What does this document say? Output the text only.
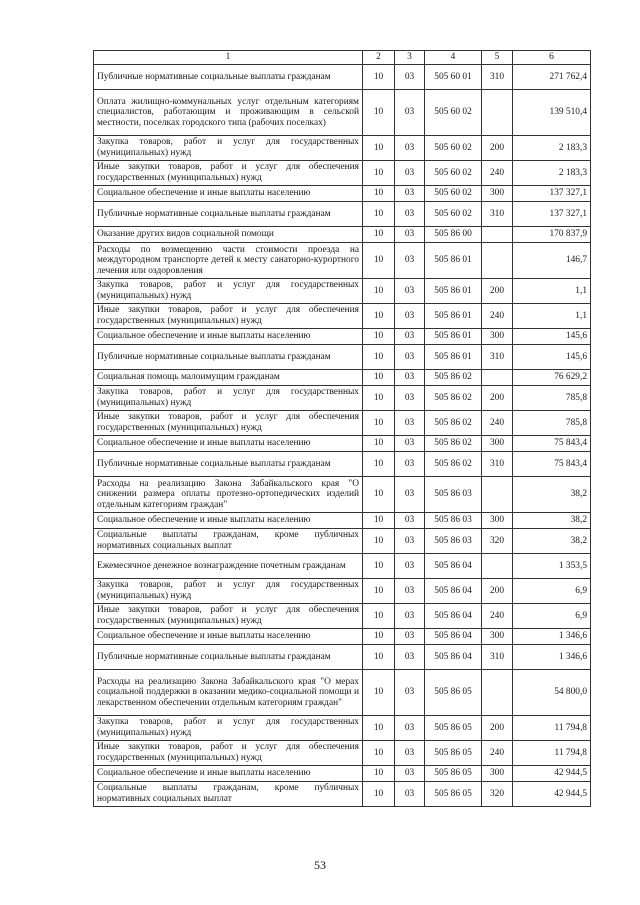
1	2	3	4	5	6
Публичные нормативные социальные выплаты гражданам	10	03	505 60 01	310	271 762,4
Оплата жилищно-коммунальных услуг отдельным категориям специалистов, работающим и проживающим в сельской местности, поселках городского типа (рабочих поселках)	10	03	505 60 02		139 510,4
Закупка товаров, работ и услуг для государственных (муниципальных) нужд	10	03	505 60 02	200	2 183,3
Иные закупки товаров, работ и услуг для обеспечения государственных (муниципальных) нужд	10	03	505 60 02	240	2 183,3
Социальное обеспечение и иные выплаты населению	10	03	505 60 02	300	137 327,1
Публичные нормативные социальные выплаты гражданам	10	03	505 60 02	310	137 327,1
Оказание других видов социальной помощи	10	03	505 86 00		170 837,9
Расходы по возмещению части стоимости проезда на междугородном транспорте детей к месту санаторно-курортного лечения или оздоровления	10	03	505 86 01		146,7
Закупка товаров, работ и услуг для государственных (муниципальных) нужд	10	03	505 86 01	200	1,1
Иные закупки товаров, работ и услуг для обеспечения государственных (муниципальных) нужд	10	03	505 86 01	240	1,1
Социальное обеспечение и иные выплаты населению	10	03	505 86 01	300	145,6
Публичные нормативные социальные выплаты гражданам	10	03	505 86 01	310	145,6
Социальная помощь малоимущим гражданам	10	03	505 86 02		76 629,2
Закупка товаров, работ и услуг для государственных (муниципальных) нужд	10	03	505 86 02	200	785,8
Иные закупки товаров, работ и услуг для обеспечения государственных (муниципальных) нужд	10	03	505 86 02	240	785,8
Социальное обеспечение и иные выплаты населению	10	03	505 86 02	300	75 843,4
Публичные нормативные социальные выплаты гражданам	10	03	505 86 02	310	75 843,4
Расходы на реализацию Закона Забайкальского края "О снижении размера оплаты протезно-ортопедических изделий отдельным категориям граждан"	10	03	505 86 03		38,2
Социальное обеспечение и иные выплаты населению	10	03	505 86 03	300	38,2
Социальные выплаты гражданам, кроме публичных нормативных социальных выплат	10	03	505 86 03	320	38,2
Ежемесячное денежное вознаграждение почетным гражданам	10	03	505 86 04		1 353,5
Закупка товаров, работ и услуг для государственных (муниципальных) нужд	10	03	505 86 04	200	6,9
Иные закупки товаров, работ и услуг для обеспечения государственных (муниципальных) нужд	10	03	505 86 04	240	6,9
Социальное обеспечение и иные выплаты населению	10	03	505 86 04	300	1 346,6
Публичные нормативные социальные выплаты гражданам	10	03	505 86 04	310	1 346,6
Расходы на реализацию Закона Забайкальского края "О мерах социальной поддержки в оказании медико-социальной помощи и лекарственном обеспечении отдельным категориям граждан"	10	03	505 86 05		54 800,0
Закупка товаров, работ и услуг для государственных (муниципальных) нужд	10	03	505 86 05	200	11 794,8
Иные закупки товаров, работ и услуг для обеспечения государственных (муниципальных) нужд	10	03	505 86 05	240	11 794,8
Социальное обеспечение и иные выплаты населению	10	03	505 86 05	300	42 944,5
Социальные выплаты гражданам, кроме публичных нормативных социальных выплат	10	03	505 86 05	320	42 944,5
53
